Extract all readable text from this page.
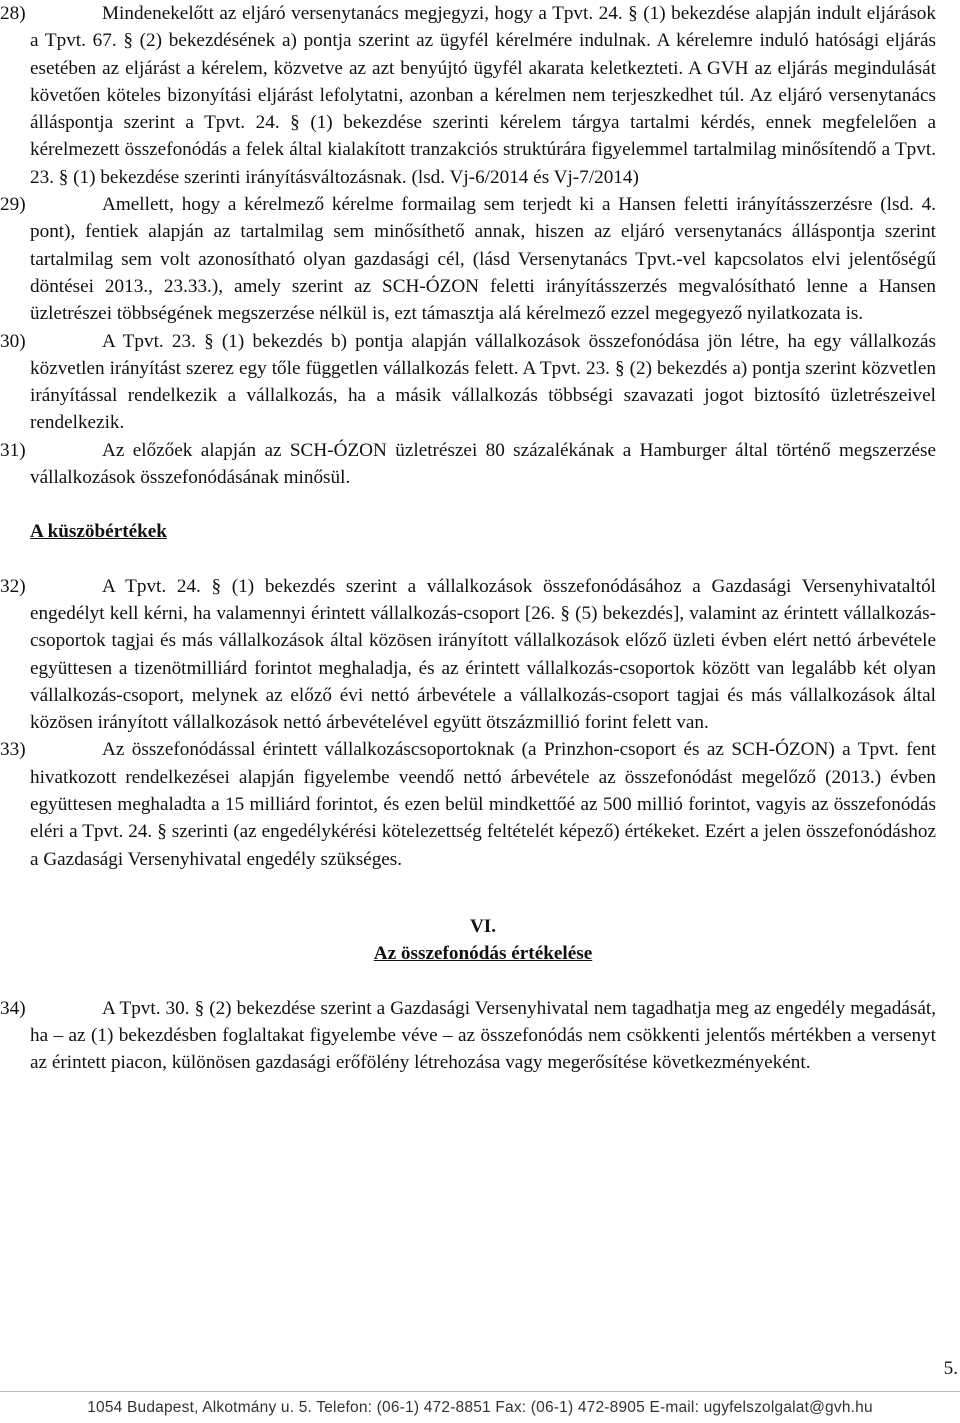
28)	Mindenekelőtt az eljáró versenytanács megjegyzi, hogy a Tpvt. 24. § (1) bekezdése alapján indult eljárások a Tpvt. 67. § (2) bekezdésének a) pontja szerint az ügyfél kérelmére indulnak. A kérelemre induló hatósági eljárás esetében az eljárást a kérelem, közvetve az azt benyújtó ügyfél akarata keletkezteti. A GVH az eljárás megindulását követően köteles bizonyítási eljárást lefolytatni, azonban a kérelmen nem terjeszkedhet túl. Az eljáró versenytanács álláspontja szerint a Tpvt. 24. § (1) bekezdése szerinti kérelem tárgya tartalmi kérdés, ennek megfelelően a kérelmezett összefonódás a felek által kialakított tranzakciós struktúrára figyelemmel tartalmilag minősítendő a Tpvt. 23. § (1) bekezdése szerinti irányításváltozásnak. (lsd. Vj-6/2014 és Vj-7/2014)

29)	Amellett, hogy a kérelmező kérelme formailag sem terjedt ki a Hansen feletti irányításszerzésre (lsd. 4. pont), fentiek alapján az tartalmilag sem minősíthető annak, hiszen az eljáró versenytanács álláspontja szerint tartalmilag sem volt azonosítható olyan gazdasági cél, (lásd Versenytanács Tpvt.-vel kapcsolatos elvi jelentőségű döntései 2013., 23.33.), amely szerint az SCH-ÓZON feletti irányításszerzés megvalósítható lenne a Hansen üzletrészei többségének megszerzése nélkül is, ezt támasztja alá kérelmező ezzel megegyező nyilatkozata is.

30)	A Tpvt. 23. § (1) bekezdés b) pontja alapján vállalkozások összefonódása jön létre, ha egy vállalkozás közvetlen irányítást szerez egy tőle független vállalkozás felett. A Tpvt. 23. § (2) bekezdés a) pontja szerint közvetlen irányítással rendelkezik a vállalkozás, ha a másik vállalkozás többségi szavazati jogot biztosító üzletrészeivel rendelkezik.

31)	Az előzőek alapján az SCH-ÓZON üzletrészei 80 százalékának a Hamburger által történő megszerzése vállalkozások összefonódásának minősül.

A küszöbértékek

32)	A Tpvt. 24. § (1) bekezdés szerint a vállalkozások összefonódásához a Gazdasági Versenyhivataltól engedélyt kell kérni, ha valamennyi érintett vállalkozás-csoport [26. § (5) bekezdés], valamint az érintett vállalkozás-csoportok tagjai és más vállalkozások által közösen irányított vállalkozások előző üzleti évben elért nettó árbevétele együttesen a tizenötmilliárd forintot meghaladja, és az érintett vállalkozás-csoportok között van legalább két olyan vállalkozás-csoport, melynek az előző évi nettó árbevétele a vállalkozás-csoport tagjai és más vállalkozások által közösen irányított vállalkozások nettó árbevételével együtt ötszázmillió forint felett van.

33)	Az összefonódással érintett vállalkozáscsoportoknak (a Prinzhon-csoport és az SCH-ÓZON) a Tpvt. fent hivatkozott rendelkezései alapján figyelembe veendő nettó árbevétele az összefonódást megelőző (2013.) évben együttesen meghaladta a 15 milliárd forintot, és ezen belül mindkettőé az 500 millió forintot, vagyis az összefonódás eléri a Tpvt. 24. § szerinti (az engedélykérési kötelezettség feltételét képező) értékeket. Ezért a jelen összefonódáshoz a Gazdasági Versenyhivatal engedély szükséges.

VI.

Az összefonódás értékelése

34)	A Tpvt. 30. § (2) bekezdése szerint a Gazdasági Versenyhivatal nem tagadhatja meg az engedély megadását, ha – az (1) bekezdésben foglaltakat figyelembe véve – az összefonódás nem csökkenti jelentős mértékben a versenyt az érintett piacon, különösen gazdasági erőfölény létrehozása vagy megerősítése következményeként.

5.
1054 Budapest, Alkotmány u. 5. Telefon: (06-1) 472-8851 Fax: (06-1) 472-8905 E-mail: ugyfelszolgalat@gvh.hu
